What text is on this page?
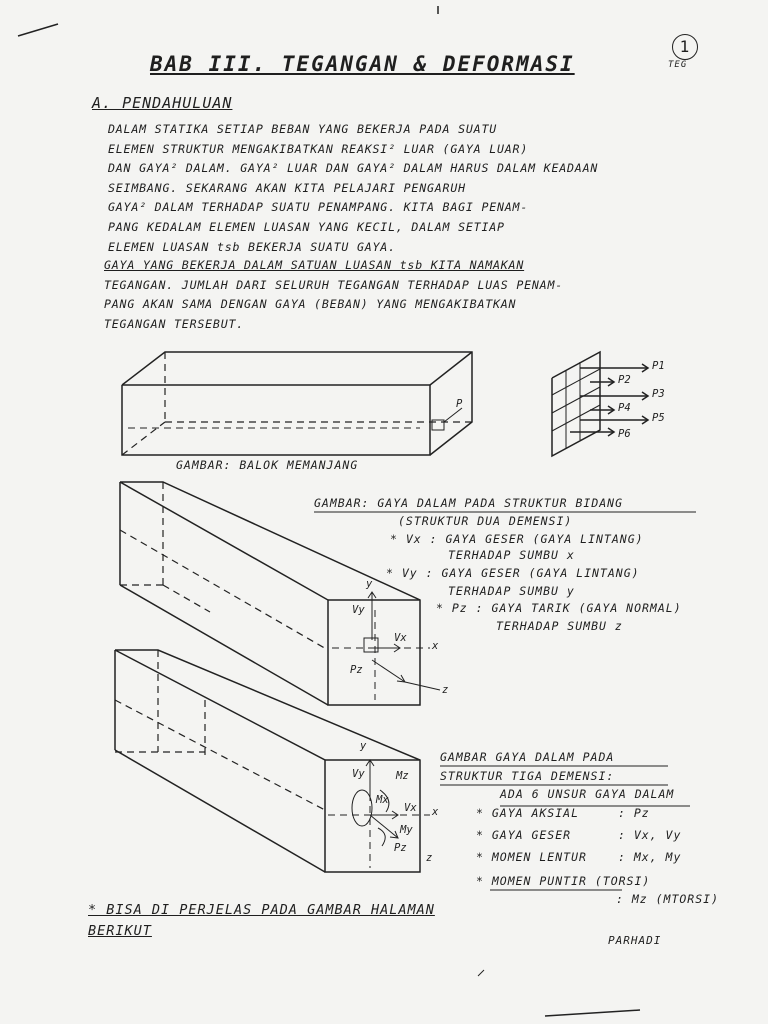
BAB III. TEGANGAN & DEFORMASI
1
TEG
A. PENDAHULUAN
DALAM STATIKA SETIAP BEBAN YANG BEKERJA PADA SUATU
ELEMEN STRUKTUR MENGAKIBATKAN REAKSI² LUAR (GAYA LUAR)
DAN GAYA² DALAM. GAYA² LUAR DAN GAYA² DALAM HARUS DALAM KEADAAN
SEIMBANG. SEKARANG AKAN KITA PELAJARI PENGARUH
GAYA² DALAM TERHADAP SUATU PENAMPANG. KITA BAGI PENAM-
PANG KEDALAM ELEMEN LUASAN YANG KECIL, DALAM SETIAP
ELEMEN LUASAN tsb BEKERJA SUATU GAYA.
GAYA YANG BEKERJA DALAM SATUAN LUASAN tsb KITA NAMAKAN
TEGANGAN. JUMLAH DARI SELURUH TEGANGAN TERHADAP LUAS PENAM-
PANG AKAN SAMA DENGAN GAYA (BEBAN) YANG MENGAKIBATKAN
TEGANGAN TERSEBUT.
GAMBAR: BALOK MEMANJANG
P
P1
P2
P3
P4
P5
P6
GAMBAR: GAYA DALAM PADA STRUKTUR BIDANG
(STRUKTUR DUA DEMENSI)
* Vx : GAYA GESER (GAYA LINTANG)
TERHADAP SUMBU x
* Vy : GAYA GESER (GAYA LINTANG)
TERHADAP SUMBU y
* Pz : GAYA TARIK (GAYA NORMAL)
TERHADAP SUMBU z
y
x
z
Vy
Vx
Pz
GAMBAR GAYA DALAM PADA
STRUKTUR TIGA DEMENSI:
ADA 6 UNSUR GAYA DALAM
* GAYA AKSIAL	: Pz
* GAYA GESER	: Vx, Vy
* MOMEN LENTUR	: Mx, My
* MOMEN PUNTIR (TORSI)
: Mz (MTORSI)
y
x
z
Vy	Mz
Mx
Vx
My
Pz
* BISA DI PERJELAS PADA GAMBAR HALAMAN
BERIKUT
PARHADI
